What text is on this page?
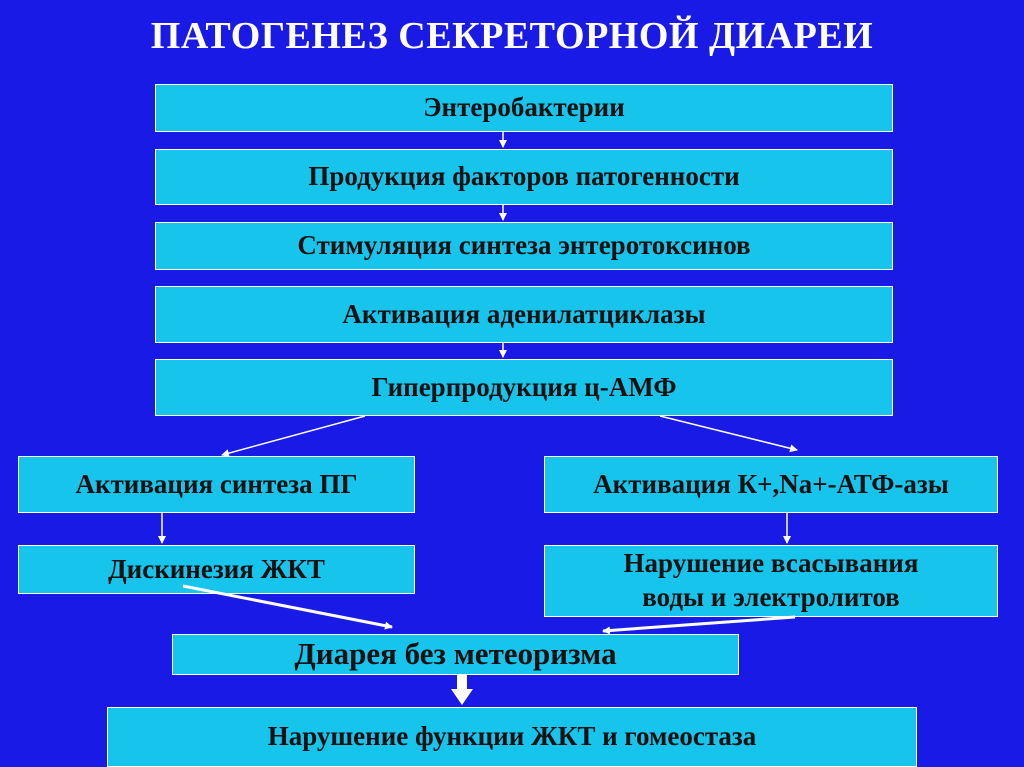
ПАТОГЕНЕЗ СЕКРЕТОРНОЙ ДИАРЕИ
Энтеробактерии
Продукция факторов патогенности
Стимуляция синтеза энтеротоксинов
Активация аденилатциклазы
Гиперпродукция ц-АМФ
Активация синтеза ПГ	Активация К+,Na+-АТФ-азы
Дискинезия ЖКТ	Нарушение всасывания
воды и электролитов
Диарея без метеоризма
Нарушение функции ЖКТ и гомеостаза
